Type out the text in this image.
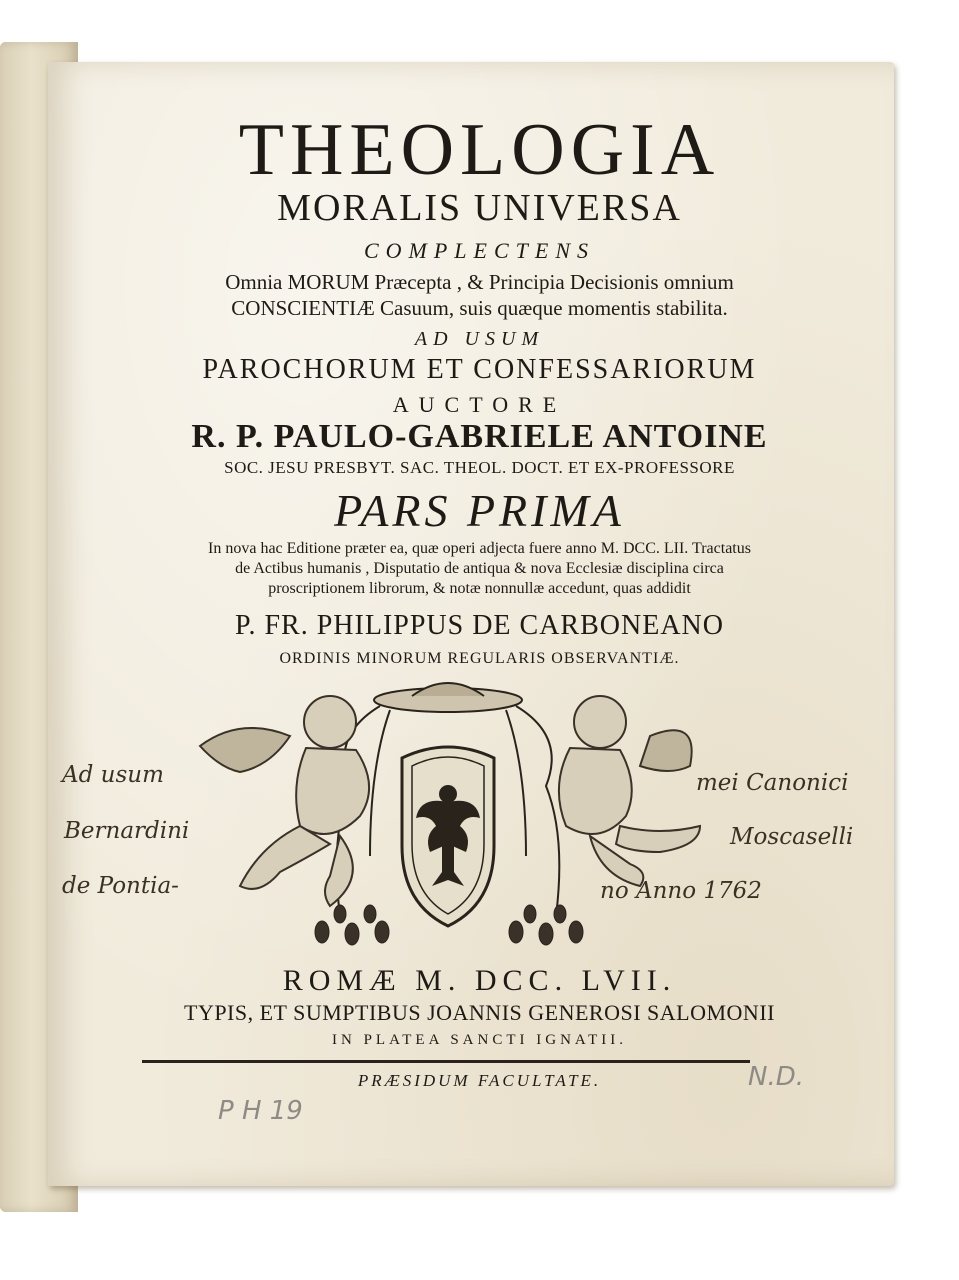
THEOLOGIA
MORALIS UNIVERSA
COMPLECTENS
Omnia MORUM Præcepta , & Principia Decisionis omnium
CONSCIENTIÆ Casuum, suis quæque momentis stabilita.
AD USUM
PAROCHORUM ET CONFESSARIORUM
AUCTORE
R. P. PAULO-GABRIELE ANTOINE
SOC. JESU PRESBYT. SAC. THEOL. DOCT. ET EX-PROFESSORE
PARS PRIMA
In nova hac Editione præter ea, quæ operi adjecta fuere anno M. DCC. LII. Tractatus
de Actibus humanis , Disputatio de antiqua & nova Ecclesiæ disciplina circa
proscriptionem librorum, & notæ nonnullæ accedunt, quas addidit
P. FR. PHILIPPUS DE CARBONEANO
ORDINIS MINORUM REGULARIS OBSERVANTIÆ.
Ad usum	mei Canonici
Bernardini	Moscaselli
de Pontia-	no Anno 1762
ROMÆ M. DCC. LVII.
TYPIS, ET SUMPTIBUS JOANNIS GENEROSI SALOMONII
IN PLATEA SANCTI IGNATII.
PRÆSIDUM FACULTATE.
P H 19
N.D.
